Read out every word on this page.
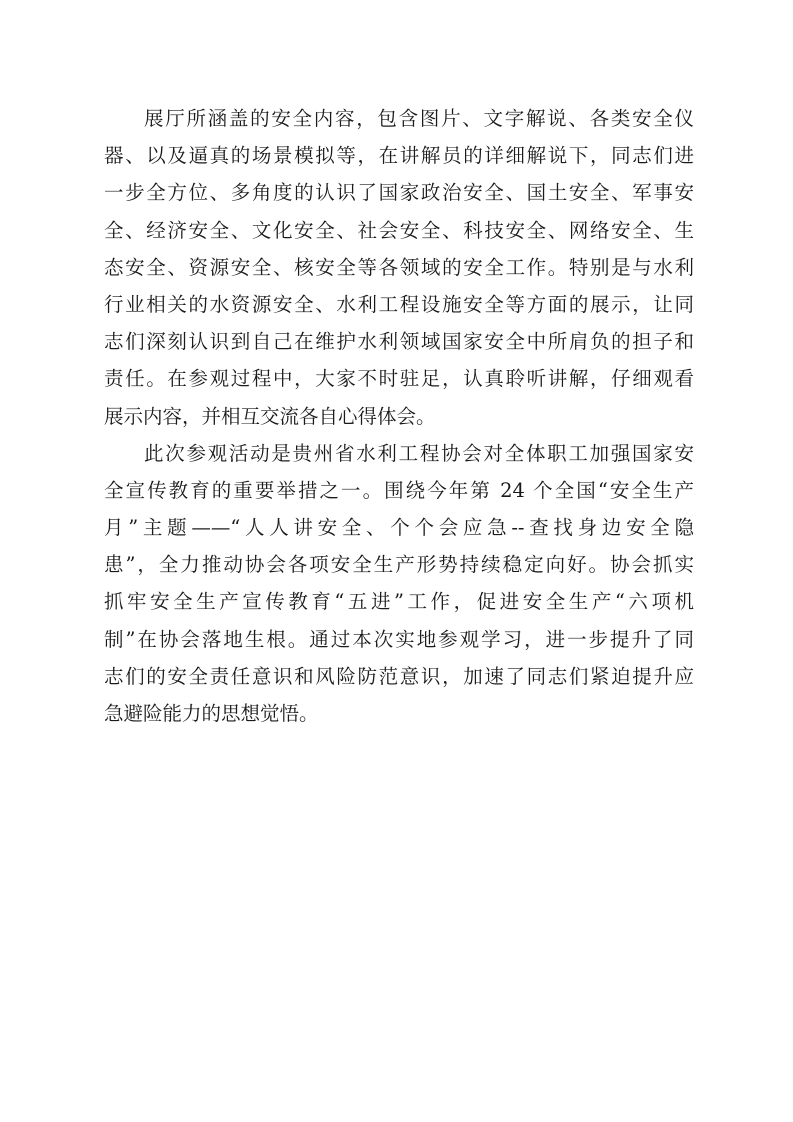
展厅所涵盖的安全内容，包含图片、文字解说、各类安全仪
器、以及逼真的场景模拟等，在讲解员的详细解说下，同志们进
一步全方位、多角度的认识了国家政治安全、国土安全、军事安
全、经济安全、文化安全、社会安全、科技安全、网络安全、生
态安全、资源安全、核安全等各领域的安全工作。特别是与水利
行业相关的水资源安全、水利工程设施安全等方面的展示，让同
志们深刻认识到自己在维护水利领域国家安全中所肩负的担子和
责任。在参观过程中，大家不时驻足，认真聆听讲解，仔细观看
展示内容，并相互交流各自心得体会。
此次参观活动是贵州省水利工程协会对全体职工加强国家安
全宣传教育的重要举措之一。围绕今年第 24 个全国“安全生产
月”主题——“人人讲安全、个个会应急--查找身边安全隐
患”，全力推动协会各项安全生产形势持续稳定向好。协会抓实
抓牢安全生产宣传教育“五进”工作，促进安全生产“六项机
制”在协会落地生根。通过本次实地参观学习，进一步提升了同
志们的安全责任意识和风险防范意识，加速了同志们紧迫提升应
急避险能力的思想觉悟。
